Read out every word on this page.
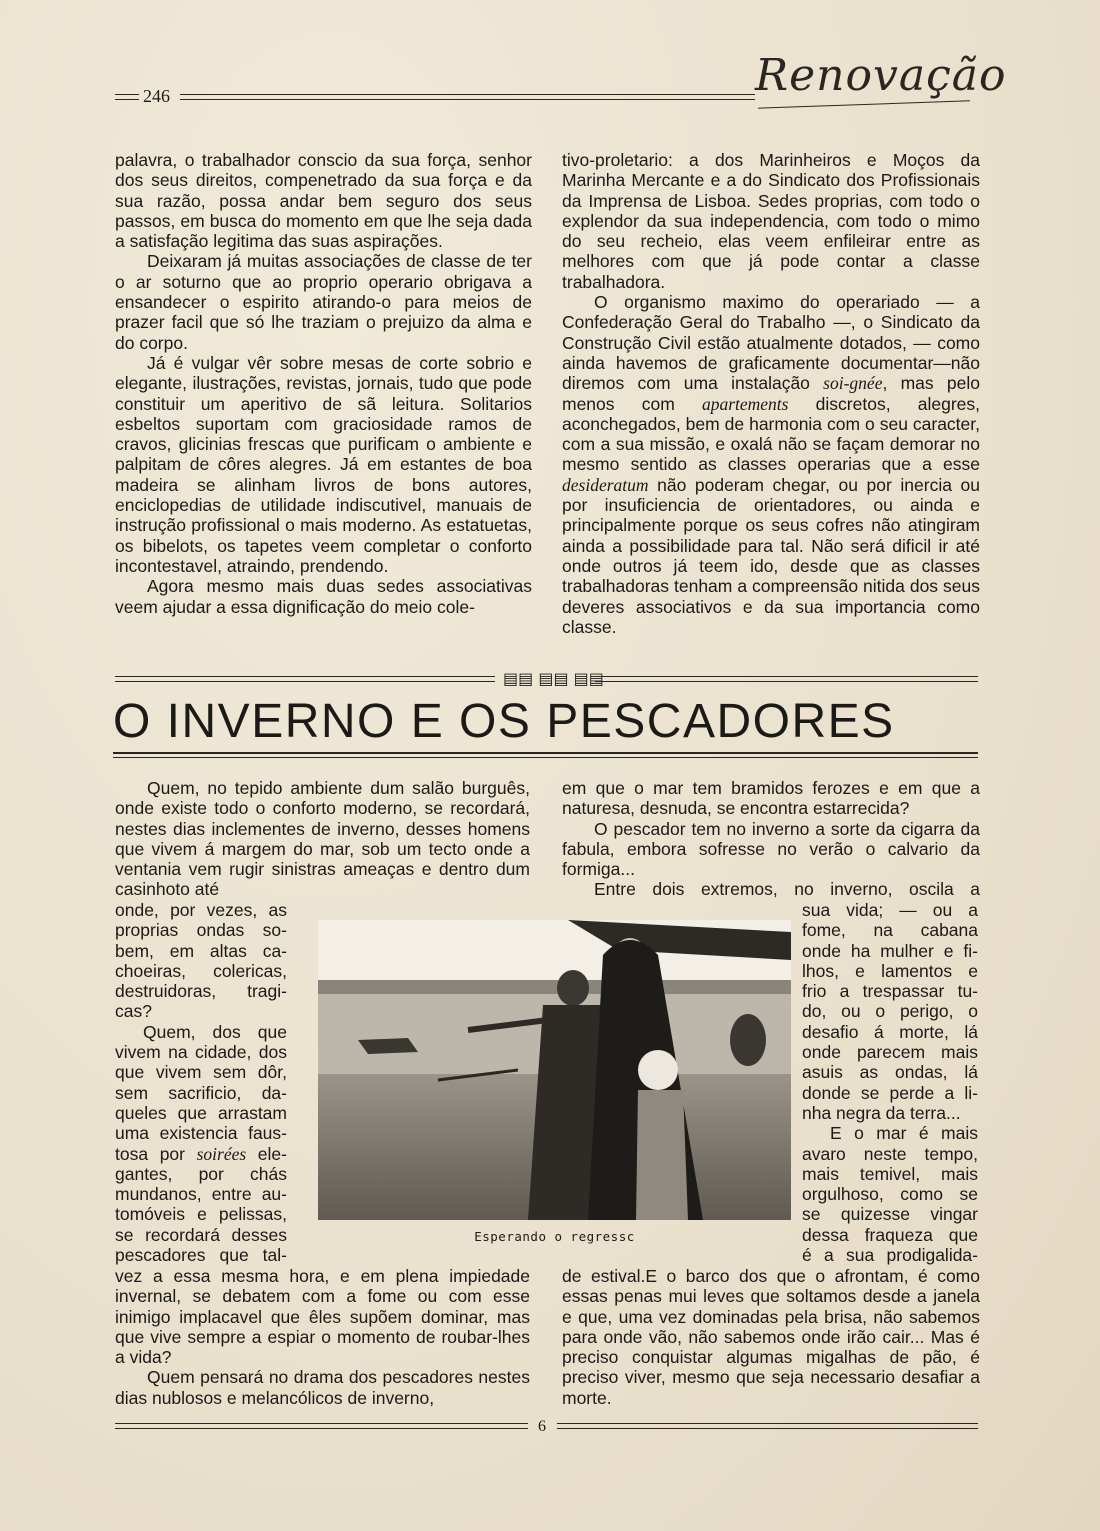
246	Renovação

palavra, o trabalhador conscio da sua força, senhor dos seus direitos, compenetrado da sua força e da sua razão, possa andar bem seguro dos seus passos, em busca do momento em que lhe seja dada a satisfação legitima das suas aspirações.

Deixaram já muitas associações de classe de ter o ar soturno que ao proprio operario obrigava a ensandecer o espirito atirando-o para meios de prazer facil que só lhe traziam o prejuizo da alma e do corpo.

Já é vulgar vêr sobre mesas de corte sobrio e elegante, ilustrações, revistas, jornais, tudo que pode constituir um aperitivo de sã leitura. Solitarios esbeltos suportam com graciosidade ramos de cravos, glicinias frescas que purificam o ambiente e palpitam de côres alegres. Já em estantes de boa madeira se alinham livros de bons autores, enciclopedias de utilidade indiscutivel, manuais de instrução profissional o mais moderno. As estatuetas, os bibelots, os tapetes veem completar o conforto incontestavel, atraindo, prendendo.

Agora mesmo mais duas sedes associativas veem ajudar a essa dignificação do meio cole-

tivo-proletario: a dos Marinheiros e Moços da Marinha Mercante e a do Sindicato dos Profissionais da Imprensa de Lisboa. Sedes proprias, com todo o explendor da sua independencia, com todo o mimo do seu recheio, elas veem enfileirar entre as melhores com que já pode contar a classe trabalhadora.

O organismo maximo do operariado — a Confederação Geral do Trabalho —, o Sindicato da Construção Civil estão atualmente dotados, — como ainda havemos de graficamente documentar—não diremos com uma instalação soi-gnée, mas pelo menos com apartements discretos, alegres, aconchegados, bem de harmonia com o seu caracter, com a sua missão, e oxalá não se façam demorar no mesmo sentido as classes operarias que a esse desideratum não poderam chegar, ou por inercia ou por insuficiencia de orientadores, ou ainda e principalmente porque os seus cofres não atingiram ainda a possibilidade para tal. Não será dificil ir até onde outros já teem ido, desde que as classes trabalhadoras tenham a compreensão nitida dos seus deveres associativos e da sua importancia como classe.

▤▤ ▤▤ ▤▤
O INVERNO E OS PESCADORES

Quem, no tepido ambiente dum salão burguês, onde existe todo o conforto moderno, se recordará, nestes dias inclementes de inverno, desses homens que vivem á margem do mar, sob um tecto onde a ventania vem rugir sinistras ameaças e dentro dum casinhoto até

onde, por vezes, as
proprias ondas so-
bem, em altas ca-
choeiras, colericas,
destruidoras, tragi-
cas?
Quem, dos que
vivem na cidade, dos
que vivem sem dôr,
sem sacrificio, da-
queles que arrastam
uma existencia faus-
tosa por soirées ele-
gantes, por chás
mundanos, entre au-
tomóveis e pelissas,
se recordará desses
pescadores que tal-

vez a essa mesma hora, e em plena impiedade invernal, se debatem com a fome ou com esse inimigo implacavel que êles supõem dominar, mas que vive sempre a espiar o momento de roubar-lhes a vida?

Quem pensará no drama dos pescadores nestes dias nublosos e melancólicos de inverno,

em que o mar tem bramidos ferozes e em que a naturesa, desnuda, se encontra estarrecida?

O pescador tem no inverno a sorte da cigarra da fabula, embora sofresse no verão o calvario da formiga...

Entre dois extremos, no inverno, oscila a

sua vida; — ou a
fome, na cabana
onde ha mulher e fi-
lhos, e lamentos e
frio a trespassar tu-
do, ou o perigo, o
desafio á morte, lá
onde parecem mais
asuis as ondas, lá
donde se perde a li-
nha negra da terra...
E o mar é mais
avaro neste tempo,
mais temivel, mais
orgulhoso, como se
se quizesse vingar
dessa fraqueza que
é a sua prodigalida-

de estival.E o barco dos que o afrontam, é como essas penas mui leves que soltamos desde a janela e que, uma vez dominadas pela brisa, não sabemos para onde vão, não sabemos onde irão cair... Mas é preciso conquistar algumas migalhas de pão, é preciso viver, mesmo que seja necessario desafiar a morte.

Esperando o regressc
6
